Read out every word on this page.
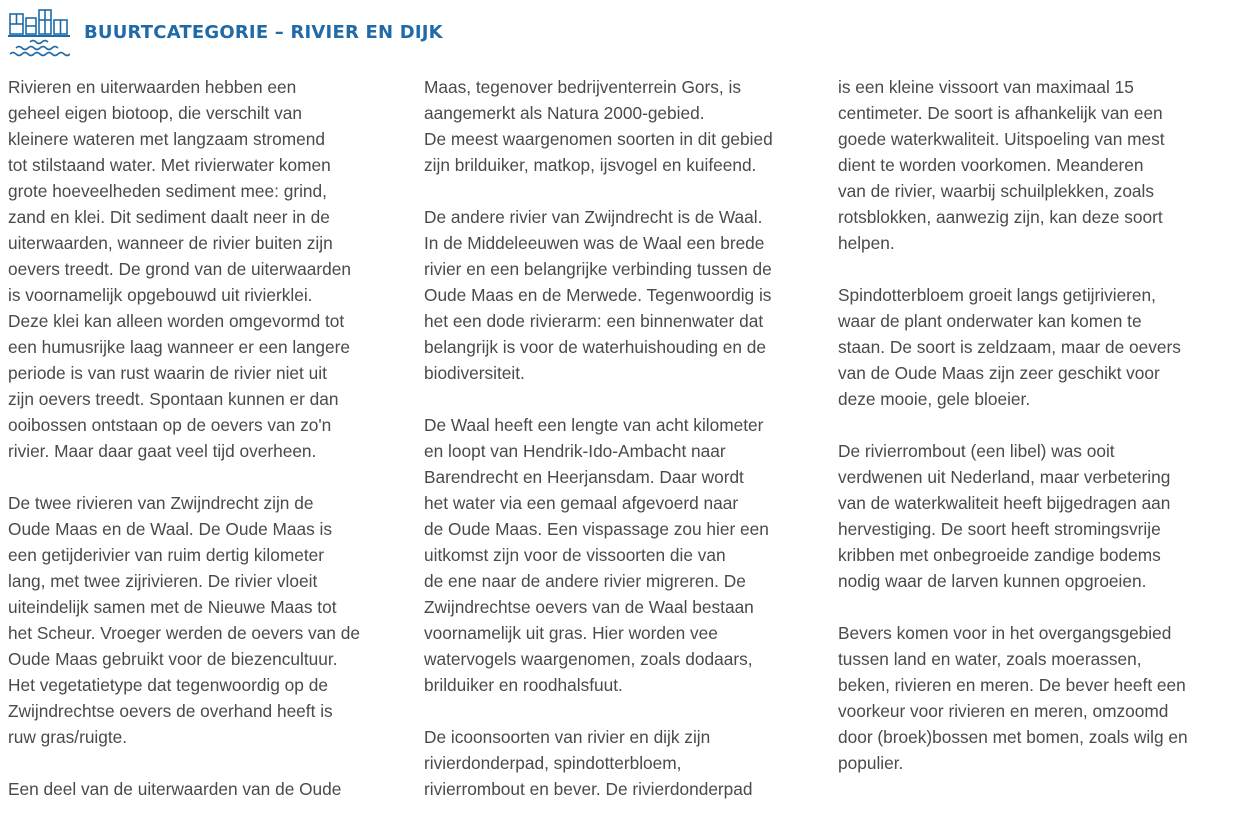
BUURTCATEGORIE – RIVIER EN DIJK

Rivieren en uiterwaarden hebben een
geheel eigen biotoop, die verschilt van
kleinere wateren met langzaam stromend
tot stilstaand water. Met rivierwater komen
grote hoeveelheden sediment mee: grind,
zand en klei. Dit sediment daalt neer in de
uiterwaarden, wanneer de rivier buiten zijn
oevers treedt. De grond van de uiterwaarden
is voornamelijk opgebouwd uit rivierklei.
Deze klei kan alleen worden omgevormd tot
een humusrijke laag wanneer er een langere
periode is van rust waarin de rivier niet uit
zijn oevers treedt. Spontaan kunnen er dan
ooibossen ontstaan op de oevers van zo'n
rivier. Maar daar gaat veel tijd overheen.

De twee rivieren van Zwijndrecht zijn de
Oude Maas en de Waal. De Oude Maas is
een getijderivier van ruim dertig kilometer
lang, met twee zijrivieren. De rivier vloeit
uiteindelijk samen met de Nieuwe Maas tot
het Scheur. Vroeger werden de oevers van de
Oude Maas gebruikt voor de biezencultuur.
Het vegetatietype dat tegenwoordig op de
Zwijndrechtse oevers de overhand heeft is
ruw gras/ruigte.

Een deel van de uiterwaarden van de Oude

Maas, tegenover bedrijventerrein Gors, is
aangemerkt als Natura 2000-gebied.
De meest waargenomen soorten in dit gebied
zijn brilduiker, matkop, ijsvogel en kuifeend.

De andere rivier van Zwijndrecht is de Waal.
In de Middeleeuwen was de Waal een brede
rivier en een belangrijke verbinding tussen de
Oude Maas en de Merwede. Tegenwoordig is
het een dode rivierarm: een binnenwater dat
belangrijk is voor de waterhuishouding en de
biodiversiteit.

De Waal heeft een lengte van acht kilometer
en loopt van Hendrik-Ido-Ambacht naar
Barendrecht en Heerjansdam. Daar wordt
het water via een gemaal afgevoerd naar
de Oude Maas. Een vispassage zou hier een
uitkomst zijn voor de vissoorten die van
de ene naar de andere rivier migreren. De
Zwijndrechtse oevers van de Waal bestaan
voornamelijk uit gras. Hier worden vee
watervogels waargenomen, zoals dodaars,
brilduiker en roodhalsfuut.

De icoonsoorten van rivier en dijk zijn
rivierdonderpad, spindotterbloem,
rivierrombout en bever. De rivierdonderpad

is een kleine vissoort van maximaal 15
centimeter. De soort is afhankelijk van een
goede waterkwaliteit. Uitspoeling van mest
dient te worden voorkomen. Meanderen
van de rivier, waarbij schuilplekken, zoals
rotsblokken, aanwezig zijn, kan deze soort
helpen.

Spindotterbloem groeit langs getijrivieren,
waar de plant onderwater kan komen te
staan. De soort is zeldzaam, maar de oevers
van de Oude Maas zijn zeer geschikt voor
deze mooie, gele bloeier.

De rivierrombout (een libel) was ooit
verdwenen uit Nederland, maar verbetering
van de waterkwaliteit heeft bijgedragen aan
hervestiging. De soort heeft stromingsvrije
kribben met onbegroeide zandige bodems
nodig waar de larven kunnen opgroeien.

Bevers komen voor in het overgangsgebied
tussen land en water, zoals moerassen,
beken, rivieren en meren. De bever heeft een
voorkeur voor rivieren en meren, omzoomd
door (broek)bossen met bomen, zoals wilg en
populier.
